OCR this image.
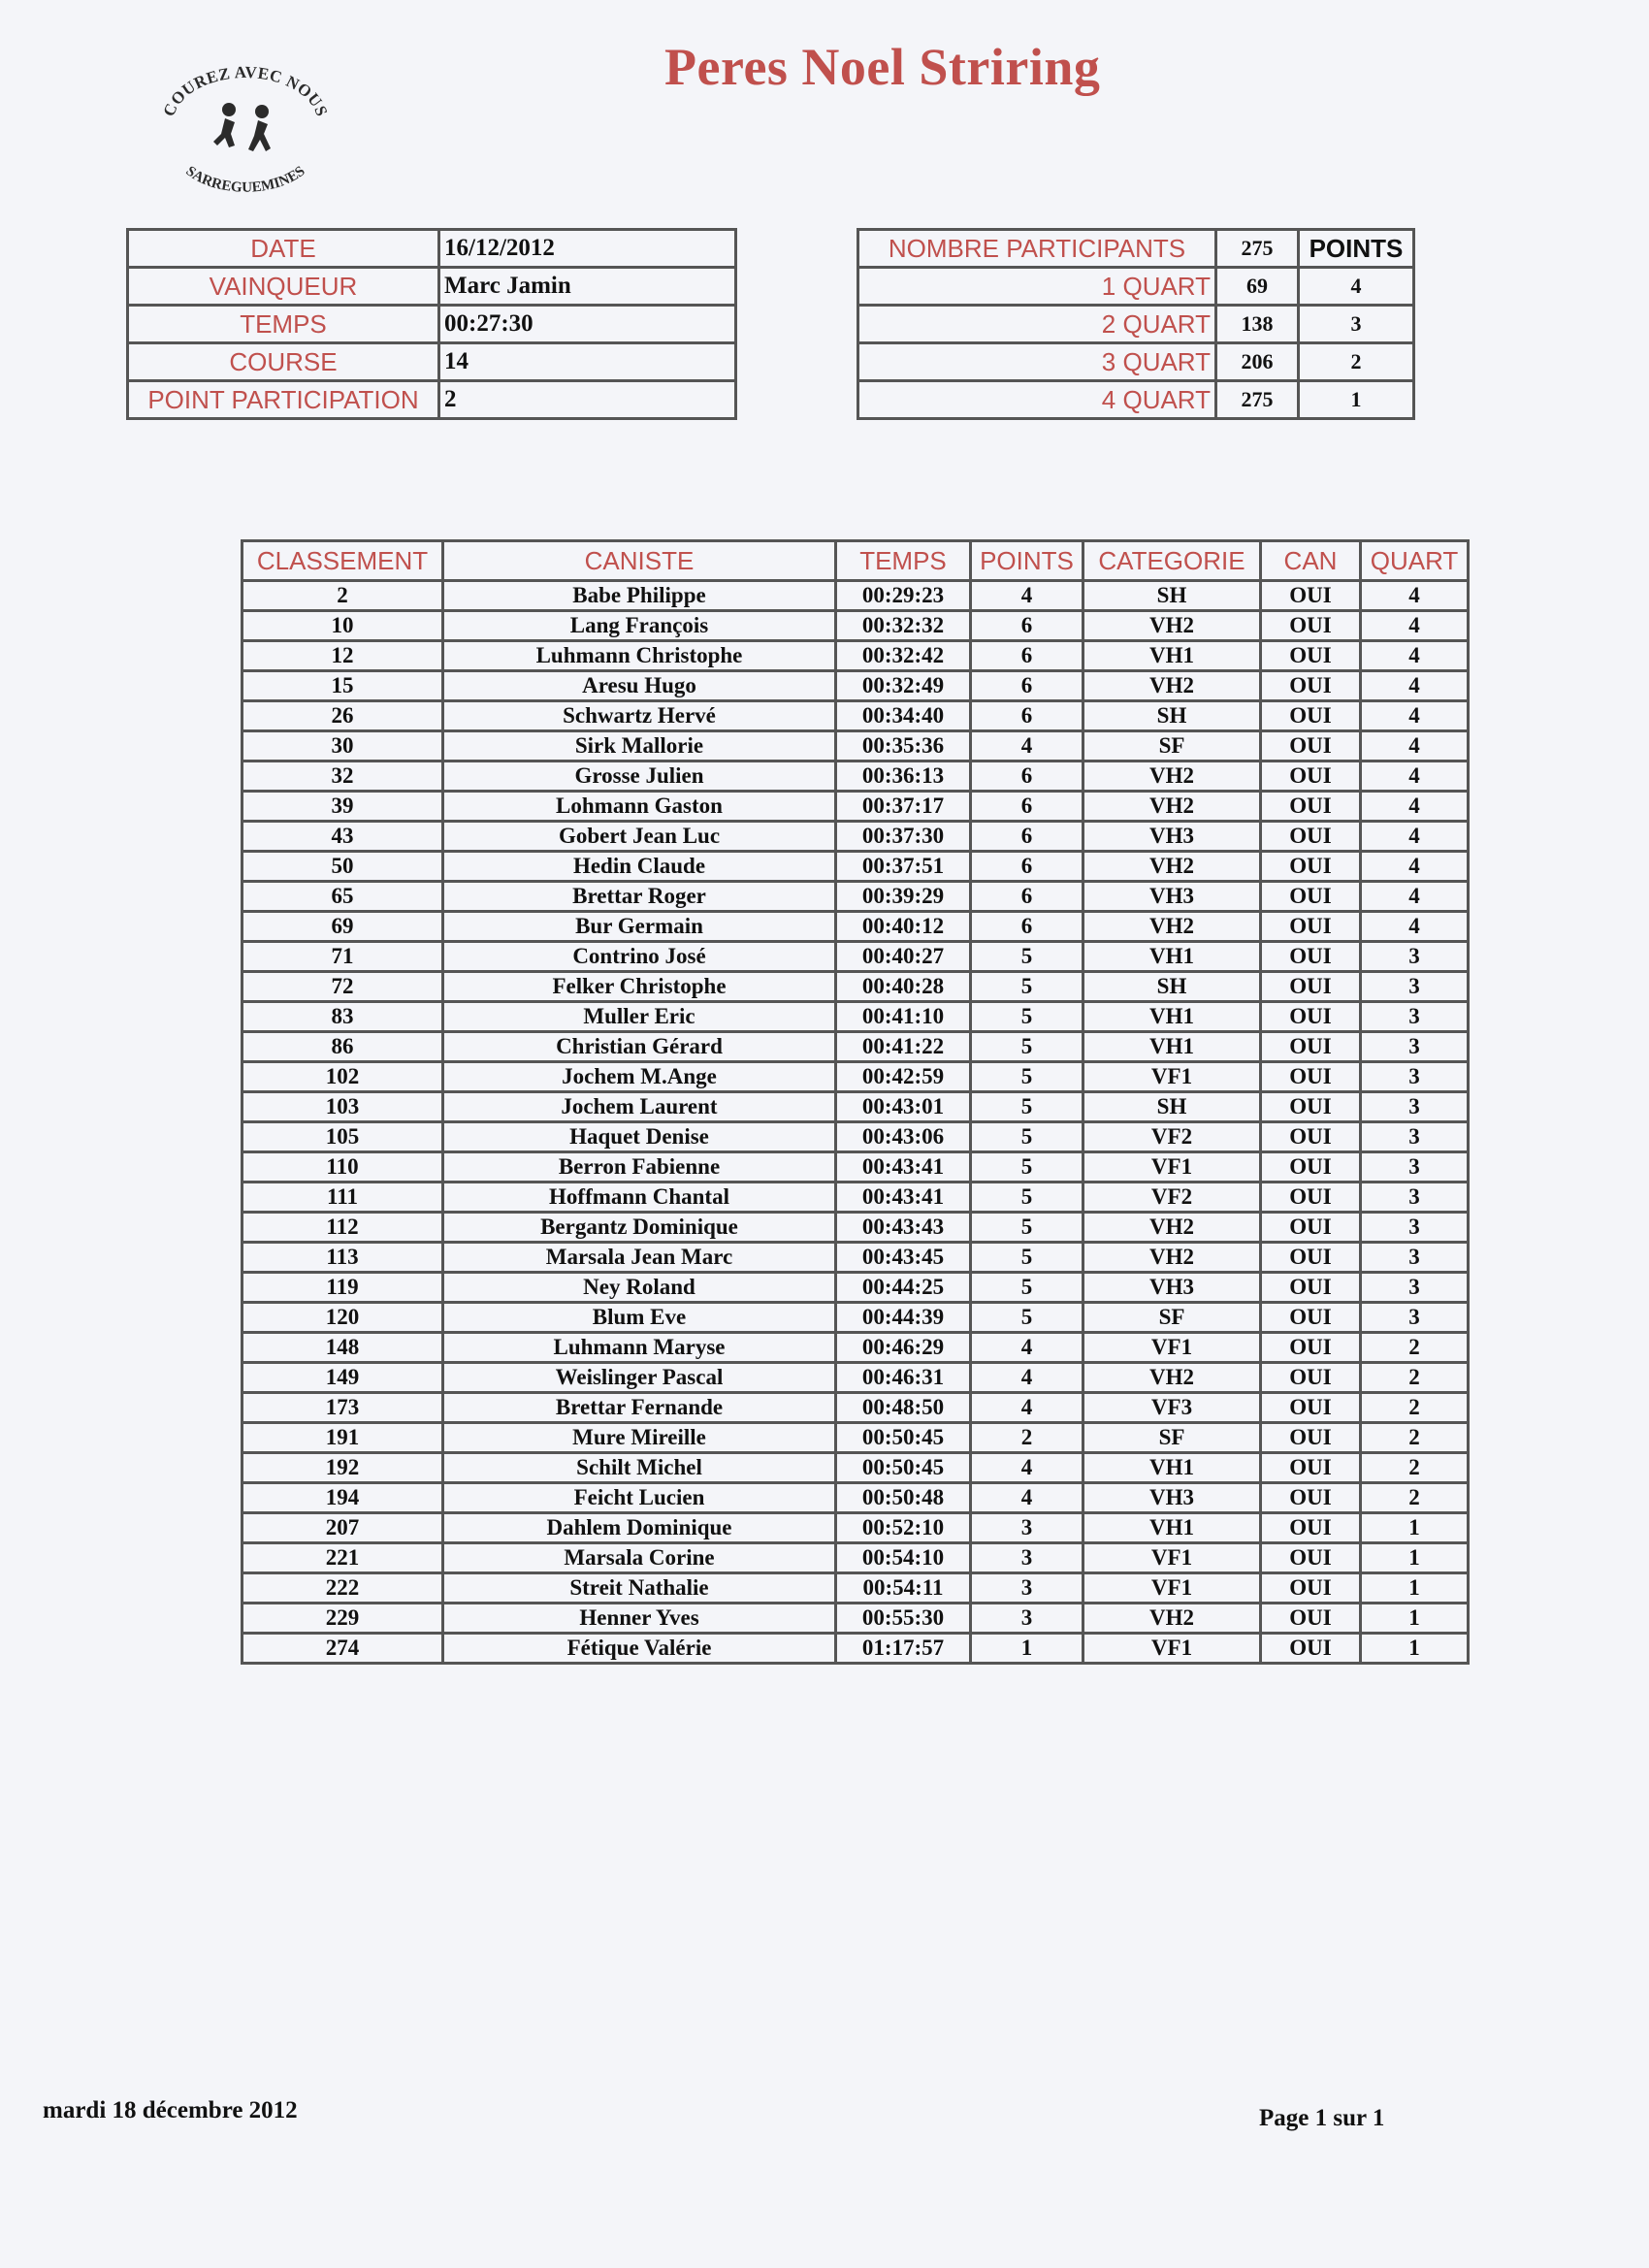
Peres Noel Striring
COUREZ AVEC NOUS
SARREGUEMINES
DATE	16/12/2012
VAINQUEUR	Marc Jamin
TEMPS	00:27:30
COURSE	14
POINT PARTICIPATION	2
NOMBRE PARTICIPANTS	275	POINTS
1 QUART	69	4
2 QUART	138	3
3 QUART	206	2
4 QUART	275	1
CLASSEMENT	CANISTE	TEMPS	POINTS	CATEGORIE	CAN	QUART
2	Babe Philippe	00:29:23	4	SH	OUI	4
10	Lang François	00:32:32	6	VH2	OUI	4
12	Luhmann Christophe	00:32:42	6	VH1	OUI	4
15	Aresu Hugo	00:32:49	6	VH2	OUI	4
26	Schwartz Hervé	00:34:40	6	SH	OUI	4
30	Sirk Mallorie	00:35:36	4	SF	OUI	4
32	Grosse Julien	00:36:13	6	VH2	OUI	4
39	Lohmann Gaston	00:37:17	6	VH2	OUI	4
43	Gobert Jean Luc	00:37:30	6	VH3	OUI	4
50	Hedin Claude	00:37:51	6	VH2	OUI	4
65	Brettar Roger	00:39:29	6	VH3	OUI	4
69	Bur Germain	00:40:12	6	VH2	OUI	4
71	Contrino José	00:40:27	5	VH1	OUI	3
72	Felker Christophe	00:40:28	5	SH	OUI	3
83	Muller Eric	00:41:10	5	VH1	OUI	3
86	Christian Gérard	00:41:22	5	VH1	OUI	3
102	Jochem M.Ange	00:42:59	5	VF1	OUI	3
103	Jochem Laurent	00:43:01	5	SH	OUI	3
105	Haquet Denise	00:43:06	5	VF2	OUI	3
110	Berron Fabienne	00:43:41	5	VF1	OUI	3
111	Hoffmann Chantal	00:43:41	5	VF2	OUI	3
112	Bergantz Dominique	00:43:43	5	VH2	OUI	3
113	Marsala Jean Marc	00:43:45	5	VH2	OUI	3
119	Ney Roland	00:44:25	5	VH3	OUI	3
120	Blum Eve	00:44:39	5	SF	OUI	3
148	Luhmann Maryse	00:46:29	4	VF1	OUI	2
149	Weislinger Pascal	00:46:31	4	VH2	OUI	2
173	Brettar Fernande	00:48:50	4	VF3	OUI	2
191	Mure Mireille	00:50:45	2	SF	OUI	2
192	Schilt Michel	00:50:45	4	VH1	OUI	2
194	Feicht Lucien	00:50:48	4	VH3	OUI	2
207	Dahlem Dominique	00:52:10	3	VH1	OUI	1
221	Marsala Corine	00:54:10	3	VF1	OUI	1
222	Streit Nathalie	00:54:11	3	VF1	OUI	1
229	Henner Yves	00:55:30	3	VH2	OUI	1
274	Fétique Valérie	01:17:57	1	VF1	OUI	1
mardi 18 décembre 2012	Page 1 sur 1
